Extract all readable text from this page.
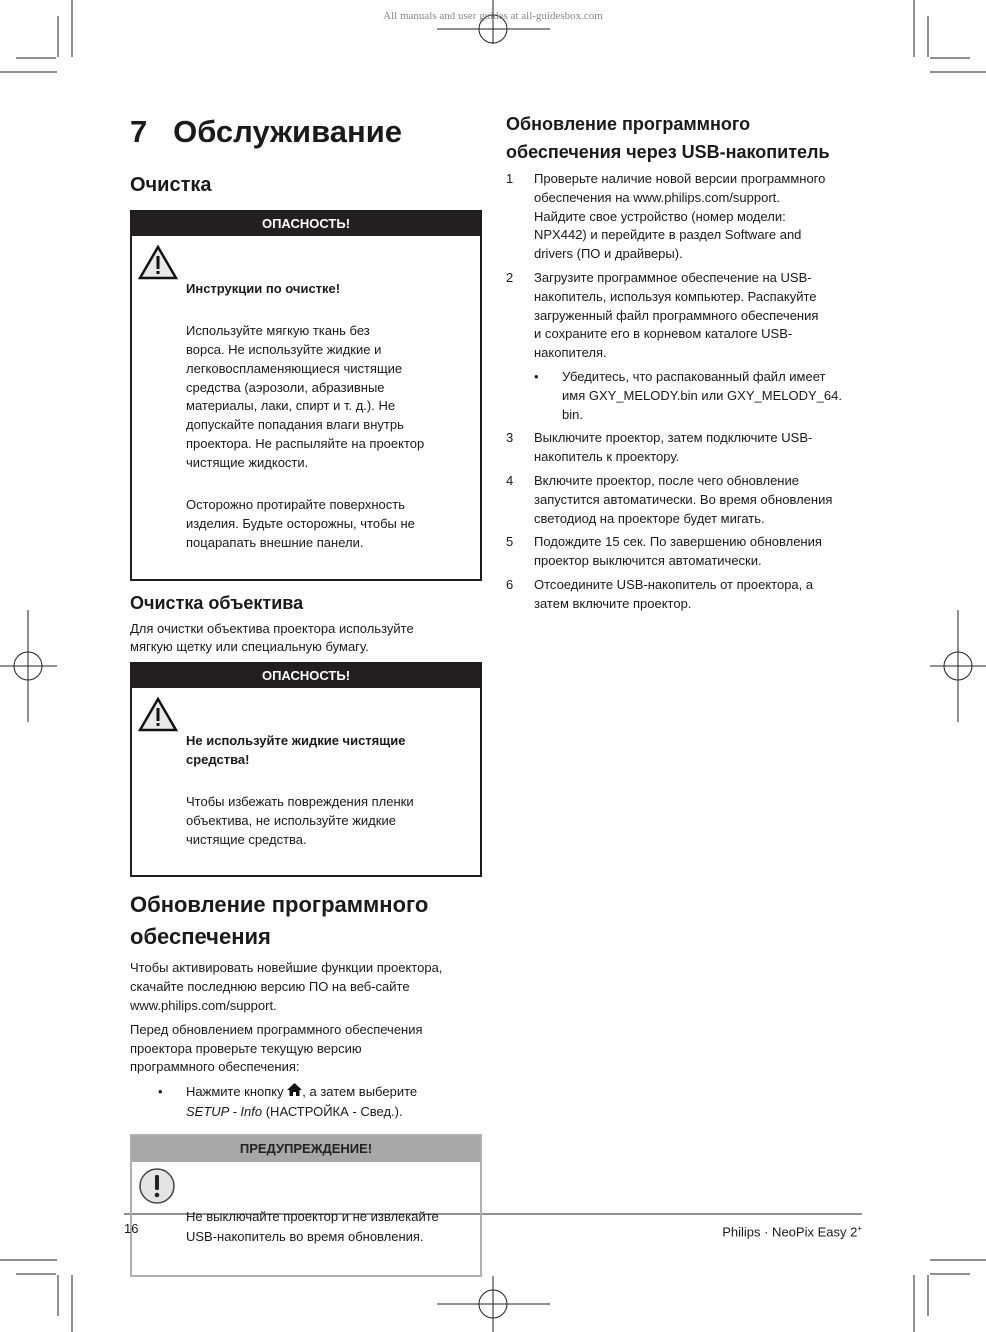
All manuals and user guides at all-guidesbox.com
7   Обслуживание
Очистка
ОПАСНОСТЬ!

Инструкции по очистке!

Используйте мягкую ткань без
ворса. Не используйте жидкие и
легковоспламеняющиеся чистящие
средства (аэрозоли, абразивные
материалы, лаки, спирт и т. д.). Не
допускайте попадания влаги внутрь
проектора. Не распыляйте на проектор
чистящие жидкости.

Осторожно протирайте поверхность
изделия. Будьте осторожны, чтобы не
поцарапать внешние панели.

Очистка объектива
Для очистки объектива проектора используйте
мягкую щетку или специальную бумагу.
ОПАСНОСТЬ!

Не используйте жидкие чистящие
средства!

Чтобы избежать повреждения пленки
объектива, не используйте жидкие
чистящие средства.

Обновление программного
обеспечения
Чтобы активировать новейшие функции проектора,
скачайте последнюю версию ПО на веб-сайте
www.philips.com/support.
Перед обновлением программного обеспечения
проектора проверьте текущую версию
программного обеспечения:
•	Нажмите кнопку , а затем выберите
SETUP - Info (НАСТРОЙКА - Свед.).
ПРЕДУПРЕЖДЕНИЕ!

Не выключайте проектор и не извлекайте
USB-накопитель во время обновления.

Обновление программного
обеспечения через USB-накопитель
1	Проверьте наличие новой версии программного
обеспечения на www.philips.com/support.
Найдите свое устройство (номер модели:
NPX442) и перейдите в раздел Software and
drivers (ПО и драйверы).
2	Загрузите программное обеспечение на USB-
накопитель, используя компьютер. Распакуйте
загруженный файл программного обеспечения
и сохраните его в корневом каталоге USB-
накопителя.
•	Убедитесь, что распакованный файл имеет
имя GXY_MELODY.bin или GXY_MELODY_64.
bin.
3	Выключите проектор, затем подключите USB-
накопитель к проектору.
4	Включите проектор, после чего обновление
запустится автоматически. Во время обновления
светодиод на проекторе будет мигать.
5	Подождите 15 сек. По завершению обновления
проектор выключится автоматически.
6	Отсоедините USB-накопитель от проектора, а
затем включите проектор.
16	Philips · NeoPix Easy 2+
